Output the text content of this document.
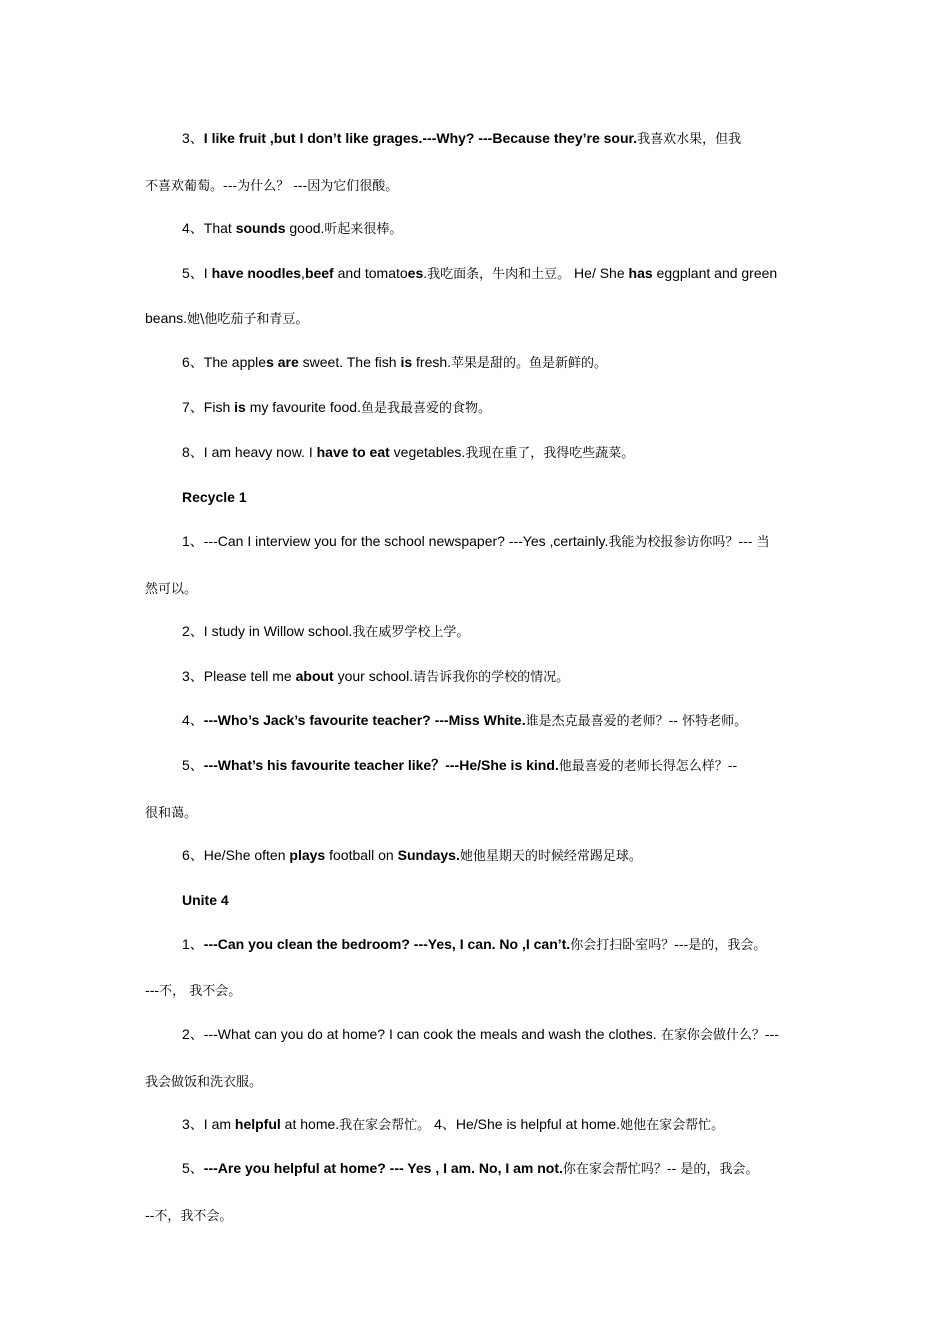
3、I like fruit ,but I don’t like grages.---Why? ---Because they’re sour.我喜欢水果，但我
不喜欢葡萄。---为什么？ ---因为它们很酸。
4、That sounds good.听起来很棒。
5、I have noodles,beef and tomatoes.我吃面条，牛肉和土豆。 He/ She has eggplant and green
beans.她\他吃茄子和青豆。
6、The apples are sweet. The fish is fresh.苹果是甜的。鱼是新鲜的。
7、Fish is my favourite food.鱼是我最喜爱的食物。
8、I am heavy now. I have to eat vegetables.我现在重了，我得吃些蔬菜。
Recycle 1
1、---Can I interview you for the school newspaper? ---Yes ,certainly.我能为校报参访你吗？--- 当
然可以。
2、I study in Willow school.我在威罗学校上学。
3、Please tell me about your school.请告诉我你的学校的情况。
4、---Who’s Jack’s favourite teacher? ---Miss White.谁是杰克最喜爱的老师？-- 怀特老师。
5、---What’s his favourite teacher like？---He/She is kind.他最喜爱的老师长得怎么样？--
很和蔼。
6、He/She often plays football on Sundays.她他星期天的时候经常踢足球。
Unite 4
1、---Can you clean the bedroom? ---Yes, I can. No ,I can’t.你会打扫卧室吗？---是的，我会。
---不， 我不会。
2、---What can you do at home? I can cook the meals and wash the clothes. 在家你会做什么？---
我会做饭和洗衣服。
3、I am helpful at home.我在家会帮忙。 4、He/She is helpful at home.她他在家会帮忙。
5、---Are you helpful at home? --- Yes , I am. No, I am not.你在家会帮忙吗？-- 是的，我会。
--不，我不会。
